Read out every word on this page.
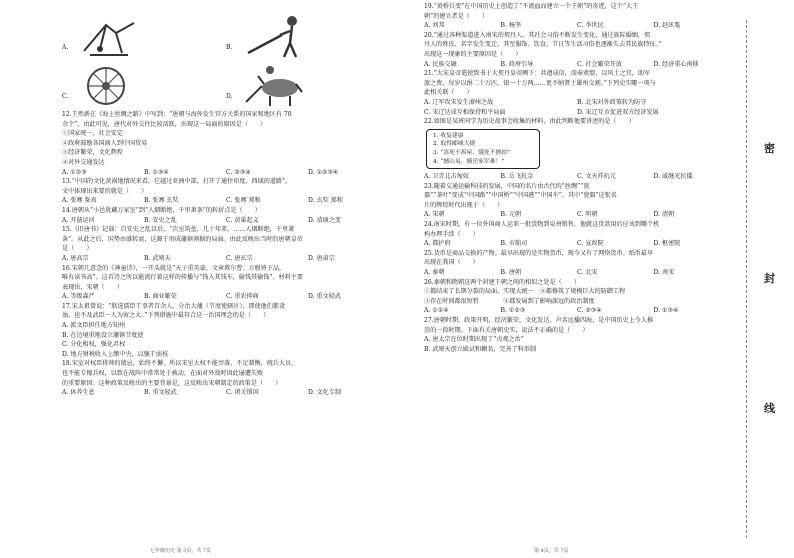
A.	B.
C.	D.
12.王然新在《海上丝绸之路》中写到：“唐朝与海外发生官方关系的国家和地区有 70
余个”。由此可见，唐代对外交往比较活跃，出现这一局面的原因是（　　）
①国家统一，社会安定
②政府鼓励各国商人到中国贸易
③经济繁荣，文化辉煌
④对外交通发达
A. ①②③	B. ①③④	C. ②③④	D. ①②③④
13.“中国的文化黄祸地情况来看，它越过亚洲中部，打开了通往印度、西域的道路”。
文中体现出来要的就是（　　）
A. 张骞 鉴真	B. 张骞 玄奘	C. 张骞 郑和	D. 玄奘 郑和
14.唐朝从“小邑犹藏万家室”到“人烟断绝，千里萧条”的转折点是（　　）
A. 开凿运河	B. 安史之乱	C. 黄巢起义	D. 靖康之变
15.《旧唐书》记载：自安史之乱以后，“次室筑垒，几十年来，……人烟断绝，千里萧
条”。从此之后，国势由盛转衰，这源于形成藩镇割据的局面。由此反映出当时的唐朝皇帝
是（　　）
A. 唐高宗	B. 武则天	C. 唐玄宗	D. 唐肃宗
16.宋朝几意念的《神童诗》，一开头就是“天子重英豪，文章教尔曹；万般皆下品，
唯有读书高”。这首诗之所以能流行着这样的传播与“钱入其钱车，偷钱其偷钱”。材料主要
表现出，宋朝（　　）
A. 等级森严	B. 商业繁荣	C. 重农抑商	D. 重文轻武
17.宋太祖曾说：“朕选儒臣干事者百余人，分治大藩（节度使辖区），即使他们都贪
浊，也不及武臣一人为害之大。”下列措施中最符合这一治国理念的是（　　）
A. 派文臣担任地方知州
B. 在边境重地设立藩镇节度使
C. 分化相权，强化君权
D. 地方财税收入上缴中央，以强干弱枝
18.宋室对权臣将帅的猜忌，始终不懈，所以宋室大权不能旁落，不足制衡，统兵大员，
也不能专擅兵权，以致在战阵中常常处于被动，在面对外敌时因此屡遭失败
的重要原因。这种政策反映出的主要背景是，这反映出宋朝制定的政策是（　　）
A. 休养生息	B. 重文轻武	C. 闭关锁国	D. 文化专制
七年级历史 第 3页，共 7页
19.“黄桥兵变”在中国历史上创造了“不流血而建立一个王朝”的奇迹，这个“大王
朝”的建立者是（　　）
A. 刘邦	B. 杨坚	C. 李世民	D. 赵匡胤
20.“通过各种渠道进入南宋的契丹人，其社会习俗不断发生变化，通过族际婚姻，契
丹人的姓氏、名字发生变迁，其至服饰、饮食、节日等生活习俗也逐渐失去其民族特征。”
出现这一现象的主要原因是（　　）
A. 民族交融	B. 政府引导	C. 社会繁荣开放	D. 经济重心南移
21.“大宋皇帝遣使致书于大契丹皇帝阙下：共遵成信，虔奉欢盟，以风土之宜，助军
旅之费，每岁以绢二十万匹，银一十万两……更不纳贤于雄州交割。”下列史实哪一项与
此相关联（　　）
A. 辽军攻宋发生澶州之战	B. 北宋对外政策转为防守
C. 宋辽达成互相保持和平局面	D. 宋辽互市促进双方经济发展
22.如图是某班同学为历史故事会收集的材料，由此判断他要讲述的是（　　）
1. 收复建康
2. 取得郾城大捷
3. “冻死不拆屋，饿死不掳掠”
4. “撼山易，撼岳家军难！”
A. 卫青北击匈奴	B. 岳飞抗金	C. 文天祥抗元	D. 戚继光抗倭
23.随着交通运输科技的发展，中国的名片由古代的“丝绸”“瓷
器”“茶叶”变成“中国路”“中国桥”“中国港”“中国车”，其中“瓷器”这张名
片的辉煌时代出现于（　　）
A. 宋朝	B. 元朝	C. 明朝	D. 清朝
24.南宋时期，有一位外国商人运来一批货物到泉州销售，他就这货款用后应该到哪个机
构办理手续（　　）
A. 都护府	B. 市舶司	C. 宣政院	D. 枢密院
25.货币是商品交换的产物。最早出现的是实物货币，现今又有了网络货币。纸币最早
出现在我国（　　）
A. 秦朝	B. 唐朝	C. 北宋	D. 南宋
26.秦朝和隋朝这两个封建王朝之间的相似之处是（　　）
①都结束了长期分裂的局面，实现大统一　②都修筑了规模巨大的防御工程
③存在时间都很短暂　　　　④都发展到了影响深远的政治制度
A. ①②④	B. ①②③	C. ②③④	D. ①③④
27.唐朝时期，政策开明，经济繁荣，文化发达，声名远播四海，是中国历史上令人推
崇的一段时期。下面有关唐朝史实，说法不正确的是（　　）
A. 唐太宗在位时期出现了“贞观之治”
B. 武则天创立殿试和糊名，完善了科举制
第 4页，共 7页
密
封
线
